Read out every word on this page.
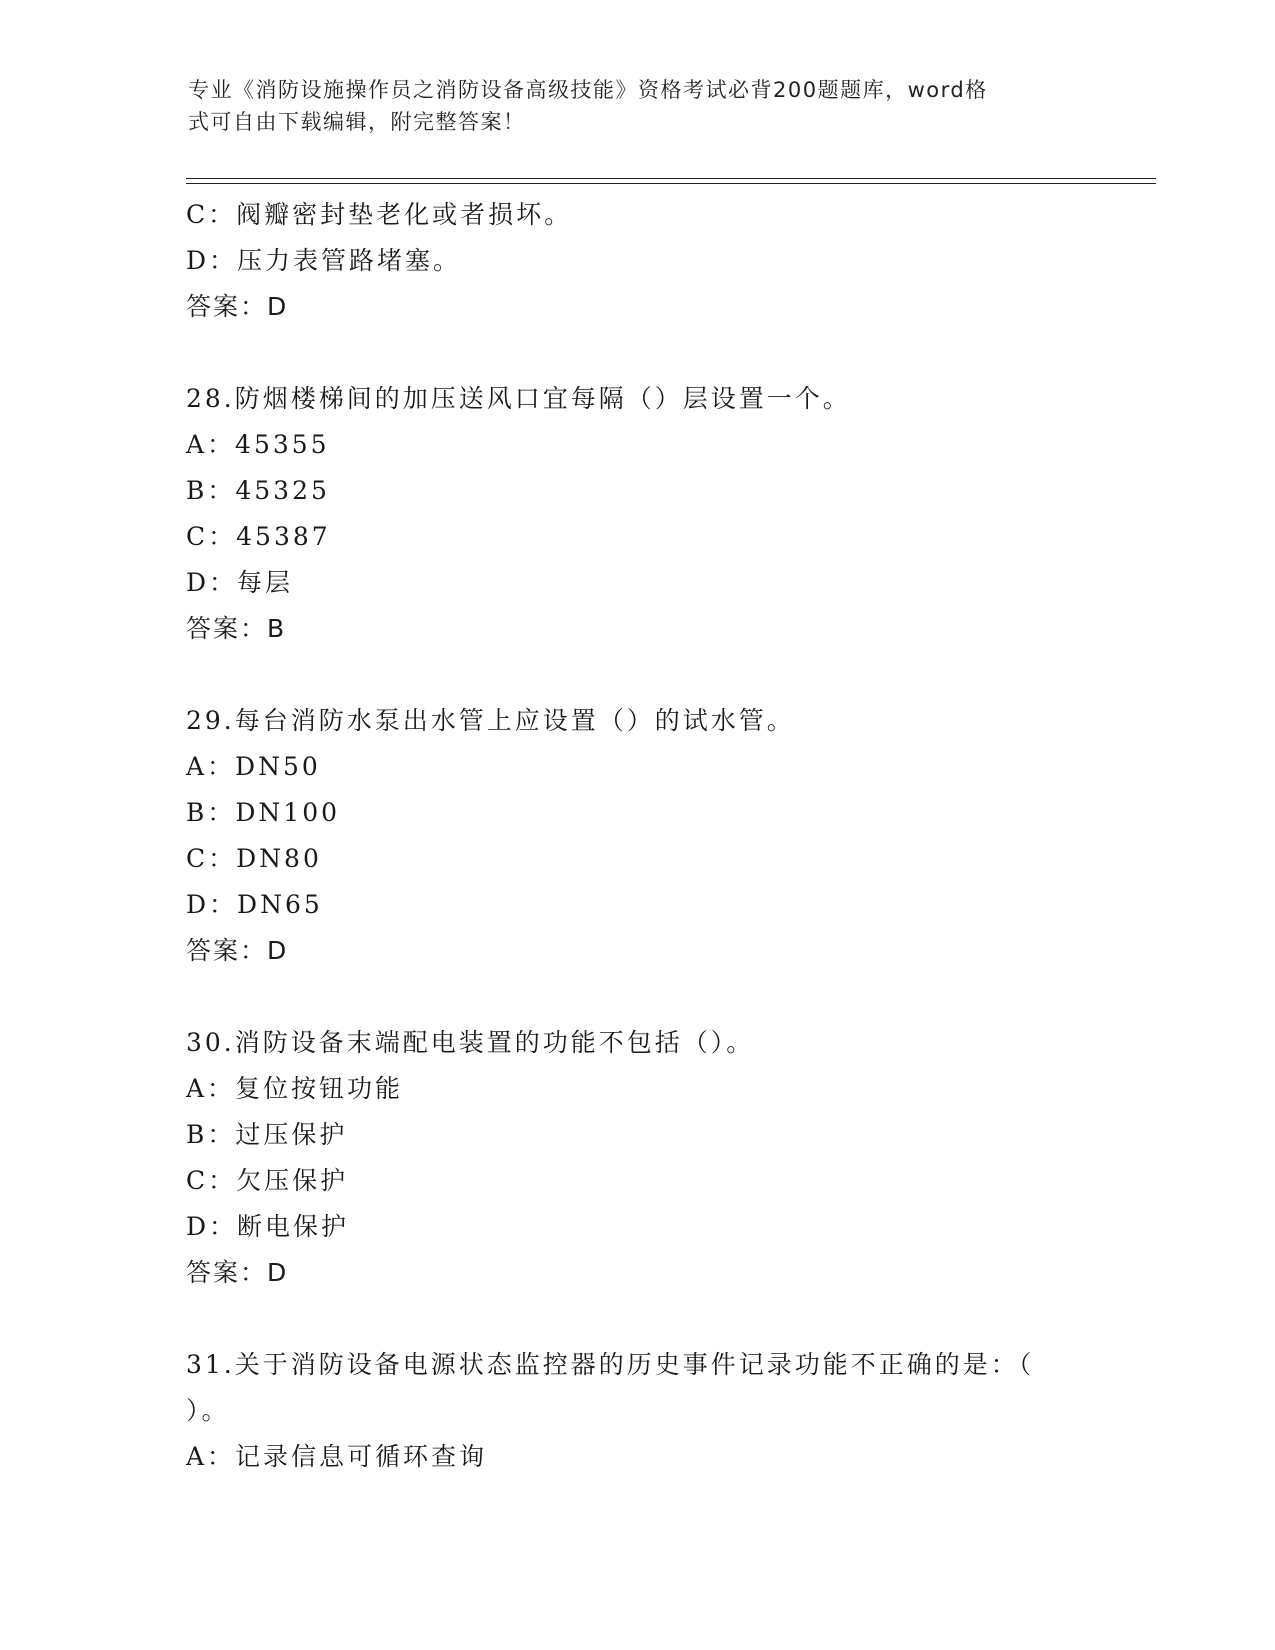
专业《消防设施操作员之消防设备高级技能》资格考试必背200题题库，word格
式可自由下载编辑，附完整答案！
C：阀瓣密封垫老化或者损坏。
D：压力表管路堵塞。
答案：D
28.防烟楼梯间的加压送风口宜每隔（）层设置一个。
A：45355
B：45325
C：45387
D：每层
答案：B
29.每台消防水泵出水管上应设置（）的试水管。
A：DN50
B：DN100
C：DN80
D：DN65
答案：D
30.消防设备末端配电装置的功能不包括（）。
A：复位按钮功能
B：过压保护
C：欠压保护
D：断电保护
答案：D
31.关于消防设备电源状态监控器的历史事件记录功能不正确的是：（
）。
A：记录信息可循环查询
